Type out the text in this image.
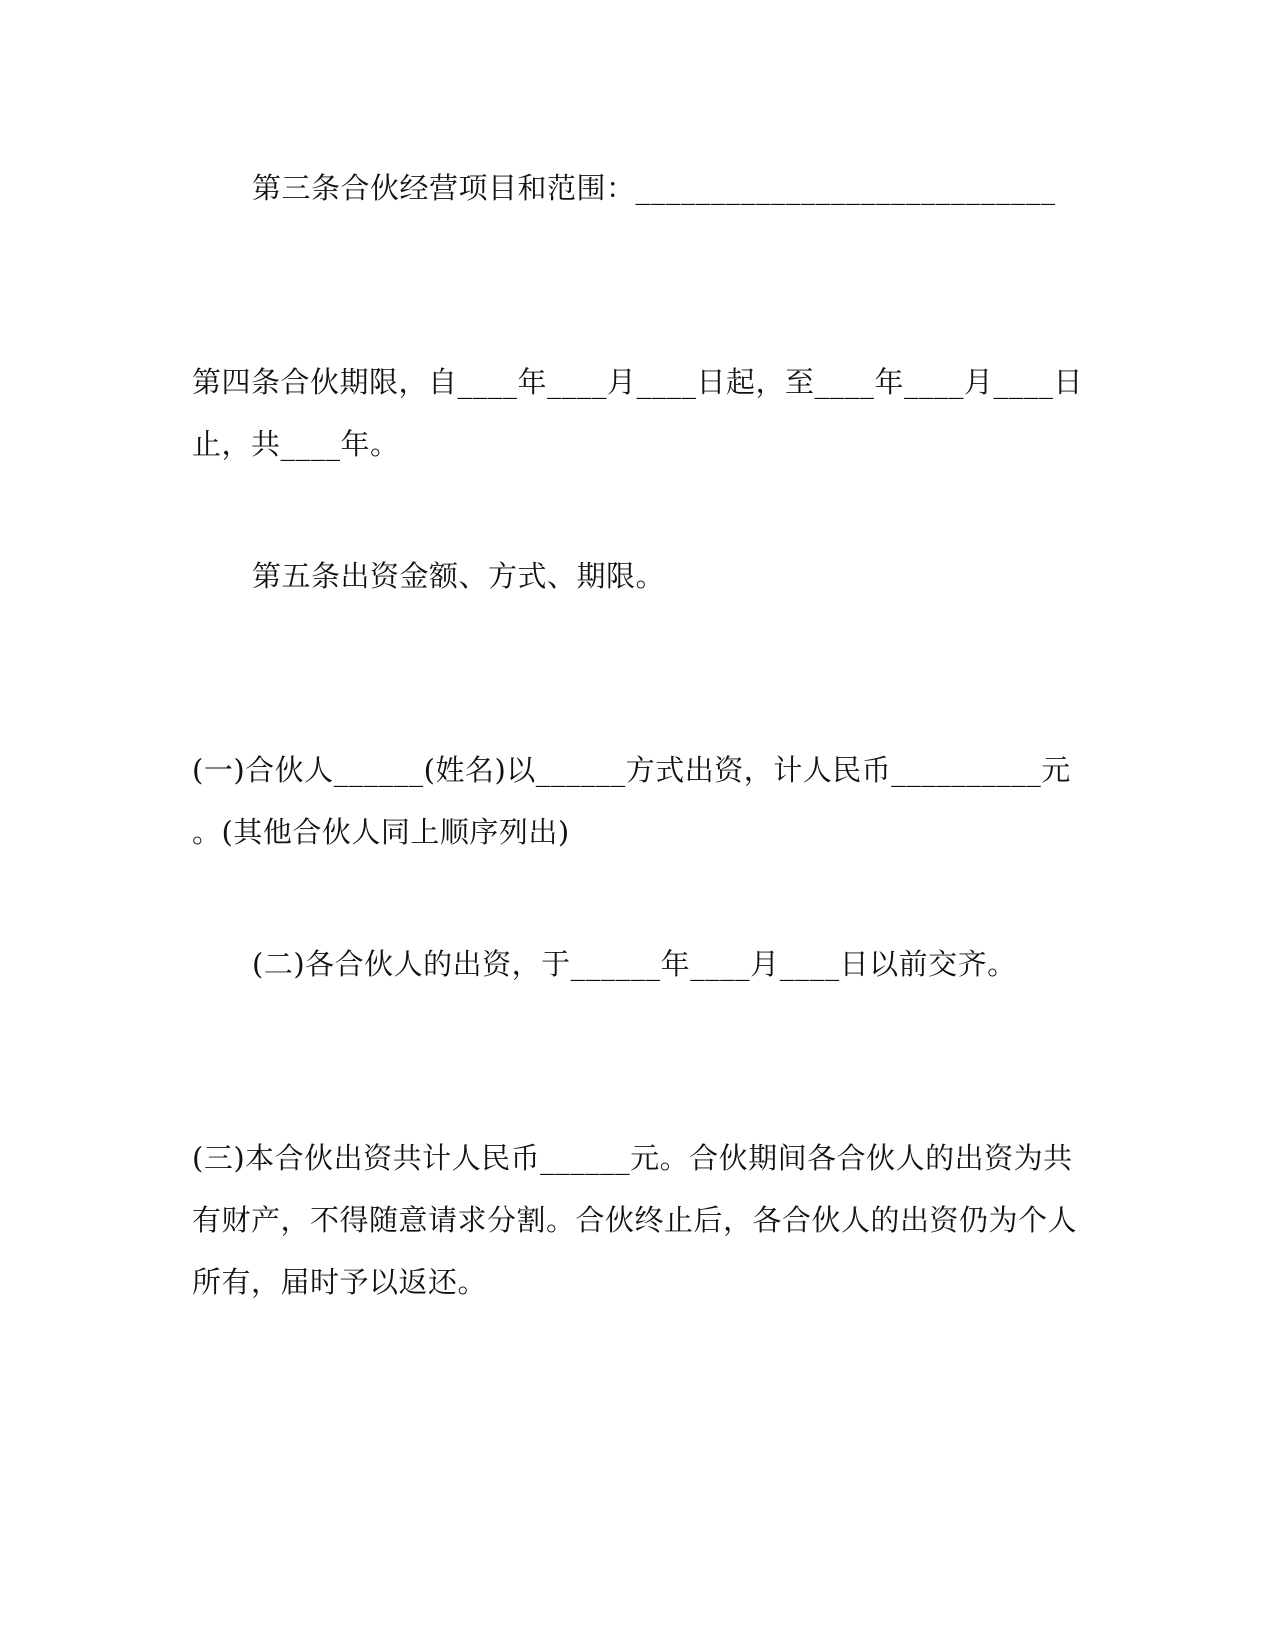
第三条合伙经营项目和范围：____________________________
第四条合伙期限，自____年____月____日起，至____年____月____日
止，共____年。
第五条出资金额、方式、期限。
(一)合伙人______(姓名)以______方式出资，计人民币__________元
。(其他合伙人同上顺序列出)
(二)各合伙人的出资，于______年____月____日以前交齐。
(三)本合伙出资共计人民币______元。合伙期间各合伙人的出资为共
有财产，不得随意请求分割。合伙终止后，各合伙人的出资仍为个人
所有，届时予以返还。
